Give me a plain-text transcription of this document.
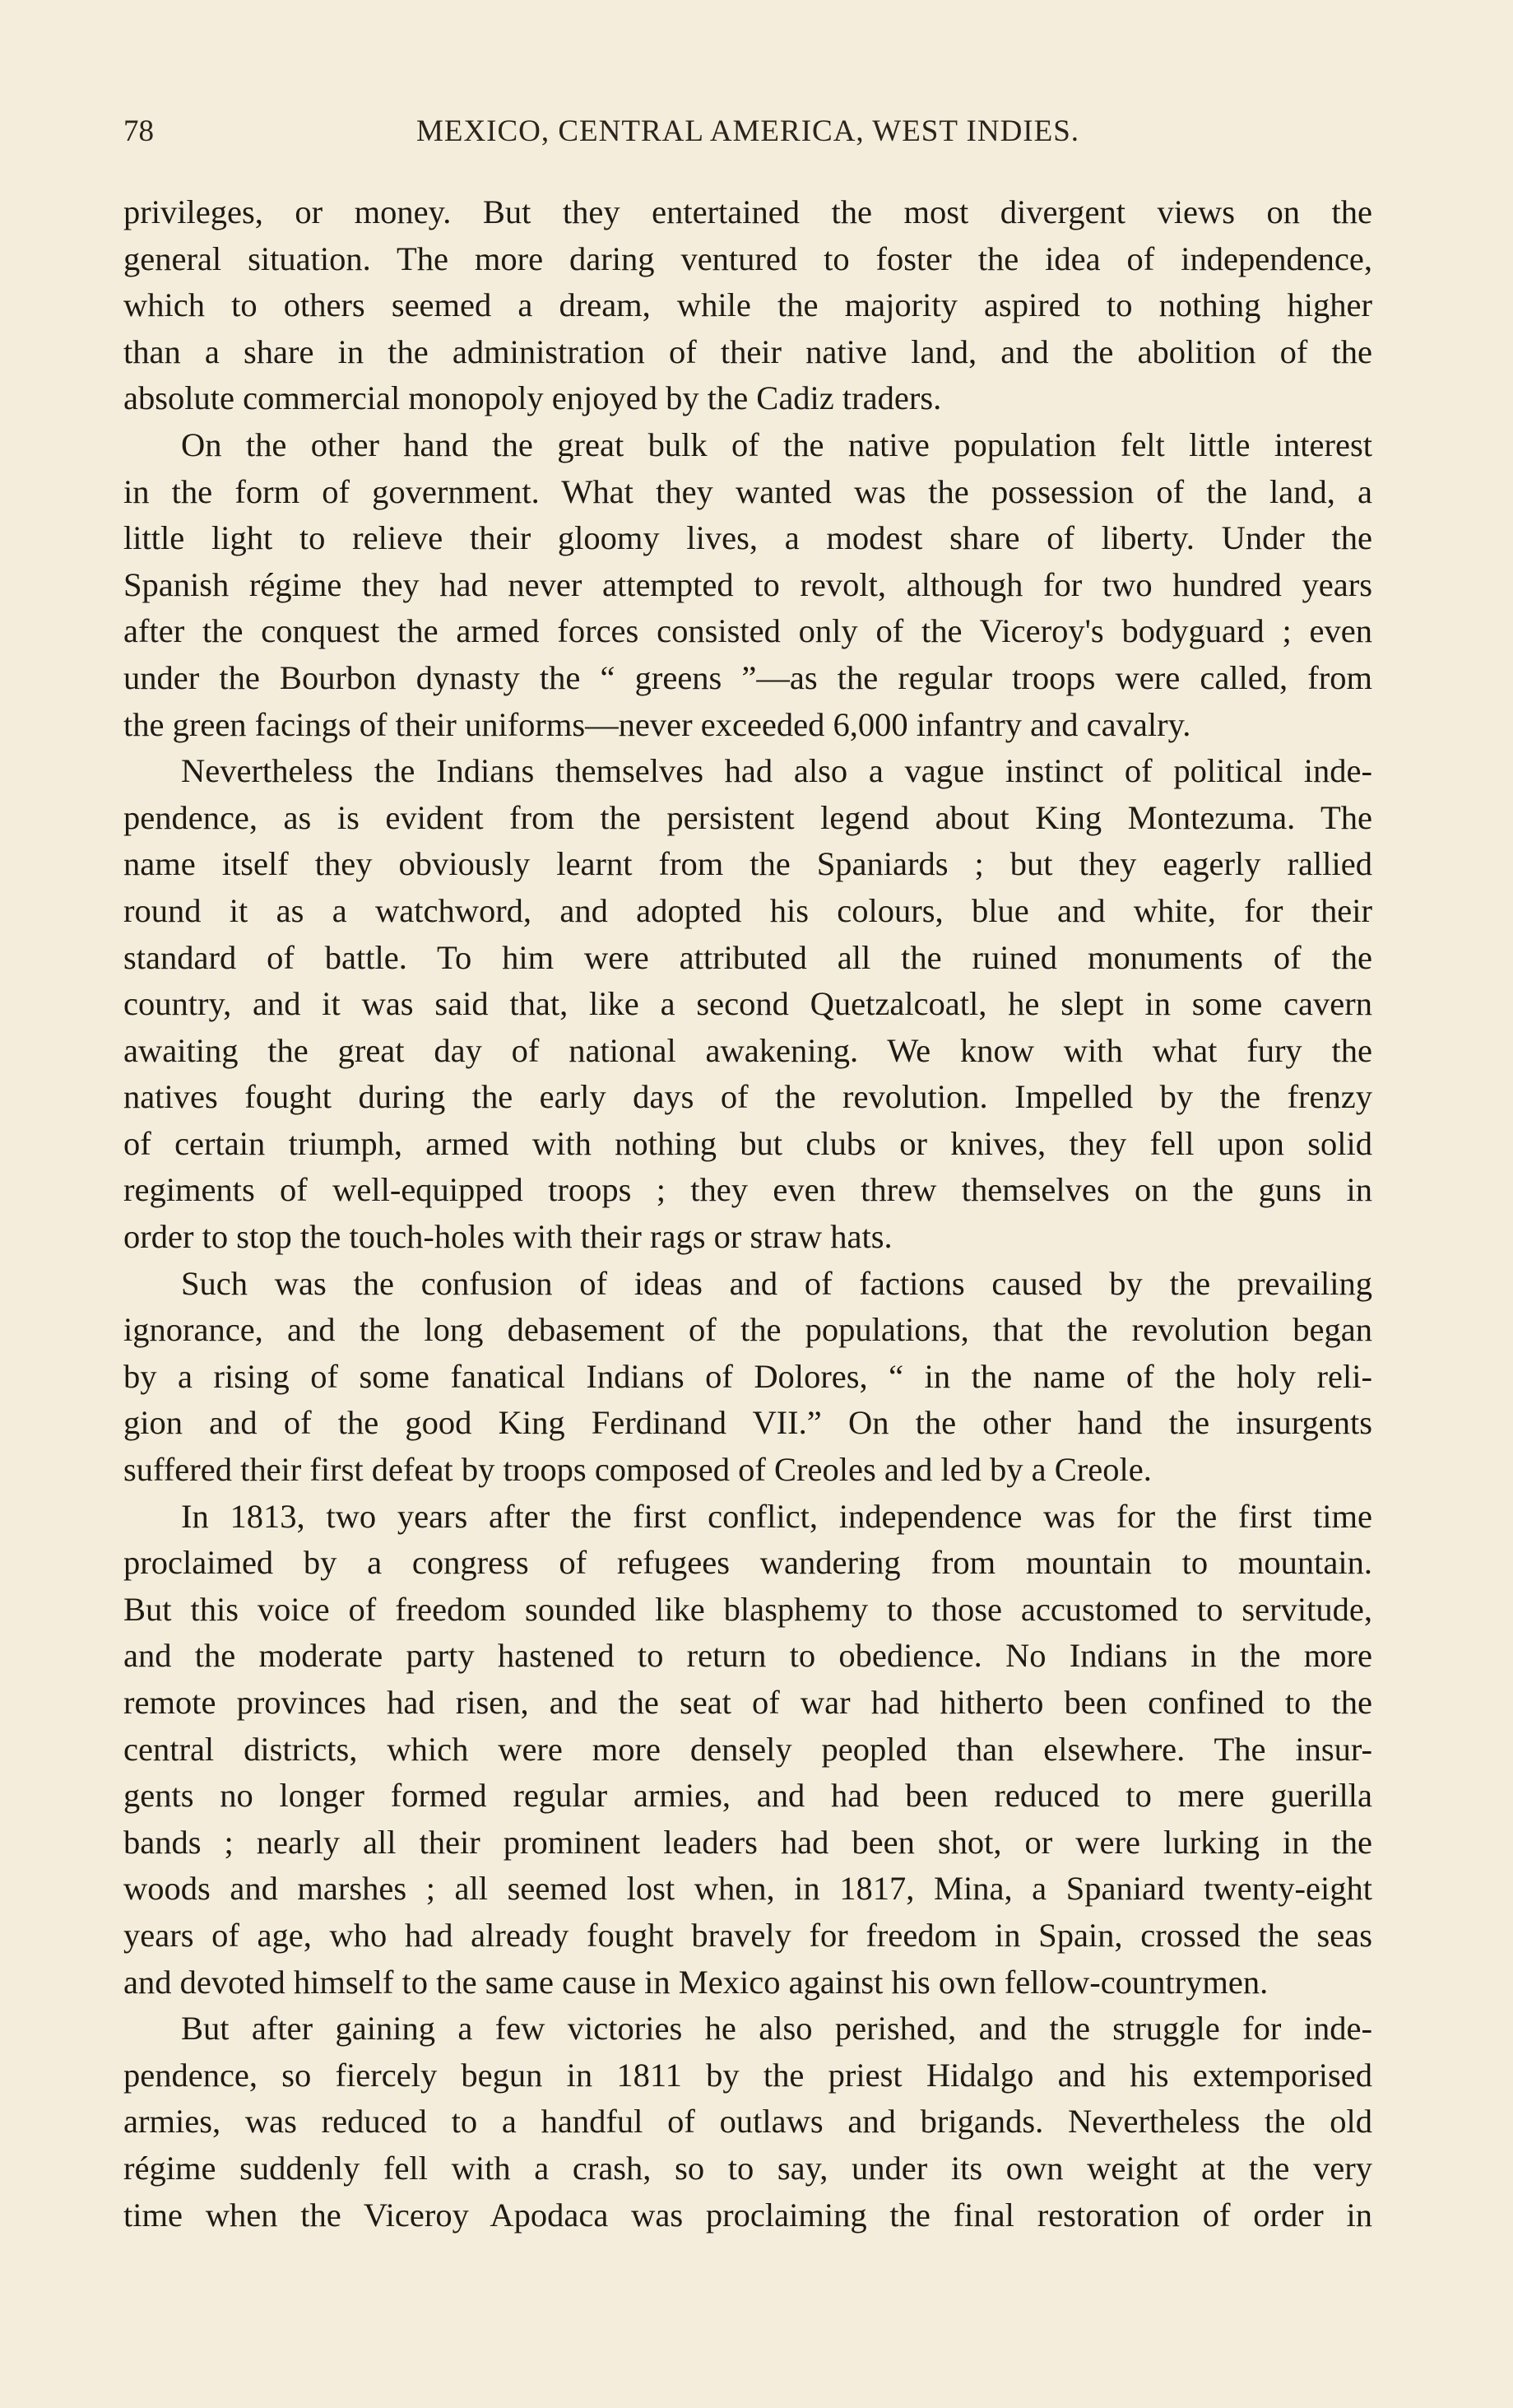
78	MEXICO, CENTRAL AMERICA, WEST INDIES.
privileges, or money. But they entertained the most divergent views on the
general situation. The more daring ventured to foster the idea of independence,
which to others seemed a dream, while the majority aspired to nothing higher
than a share in the administration of their native land, and the abolition of the
absolute commercial monopoly enjoyed by the Cadiz traders.
On the other hand the great bulk of the native population felt little interest
in the form of government. What they wanted was the possession of the land, a
little light to relieve their gloomy lives, a modest share of liberty. Under the
Spanish régime they had never attempted to revolt, although for two hundred years
after the conquest the armed forces consisted only of the Viceroy's bodyguard ; even
under the Bourbon dynasty the “ greens ”—as the regular troops were called, from
the green facings of their uniforms—never exceeded 6,000 infantry and cavalry.
Nevertheless the Indians themselves had also a vague instinct of political inde-
pendence, as is evident from the persistent legend about King Montezuma. The
name itself they obviously learnt from the Spaniards ; but they eagerly rallied
round it as a watchword, and adopted his colours, blue and white, for their
standard of battle. To him were attributed all the ruined monuments of the
country, and it was said that, like a second Quetzalcoatl, he slept in some cavern
awaiting the great day of national awakening. We know with what fury the
natives fought during the early days of the revolution. Impelled by the frenzy
of certain triumph, armed with nothing but clubs or knives, they fell upon solid
regiments of well-equipped troops ; they even threw themselves on the guns in
order to stop the touch-holes with their rags or straw hats.
Such was the confusion of ideas and of factions caused by the prevailing
ignorance, and the long debasement of the populations, that the revolution began
by a rising of some fanatical Indians of Dolores, “ in the name of the holy reli-
gion and of the good King Ferdinand VII.” On the other hand the insurgents
suffered their first defeat by troops composed of Creoles and led by a Creole.
In 1813, two years after the first conflict, independence was for the first time
proclaimed by a congress of refugees wandering from mountain to mountain.
But this voice of freedom sounded like blasphemy to those accustomed to servitude,
and the moderate party hastened to return to obedience. No Indians in the more
remote provinces had risen, and the seat of war had hitherto been confined to the
central districts, which were more densely peopled than elsewhere. The insur-
gents no longer formed regular armies, and had been reduced to mere guerilla
bands ; nearly all their prominent leaders had been shot, or were lurking in the
woods and marshes ; all seemed lost when, in 1817, Mina, a Spaniard twenty-eight
years of age, who had already fought bravely for freedom in Spain, crossed the seas
and devoted himself to the same cause in Mexico against his own fellow-countrymen.
But after gaining a few victories he also perished, and the struggle for inde-
pendence, so fiercely begun in 1811 by the priest Hidalgo and his extemporised
armies, was reduced to a handful of outlaws and brigands. Nevertheless the old
régime suddenly fell with a crash, so to say, under its own weight at the very
time when the Viceroy Apodaca was proclaiming the final restoration of order in
